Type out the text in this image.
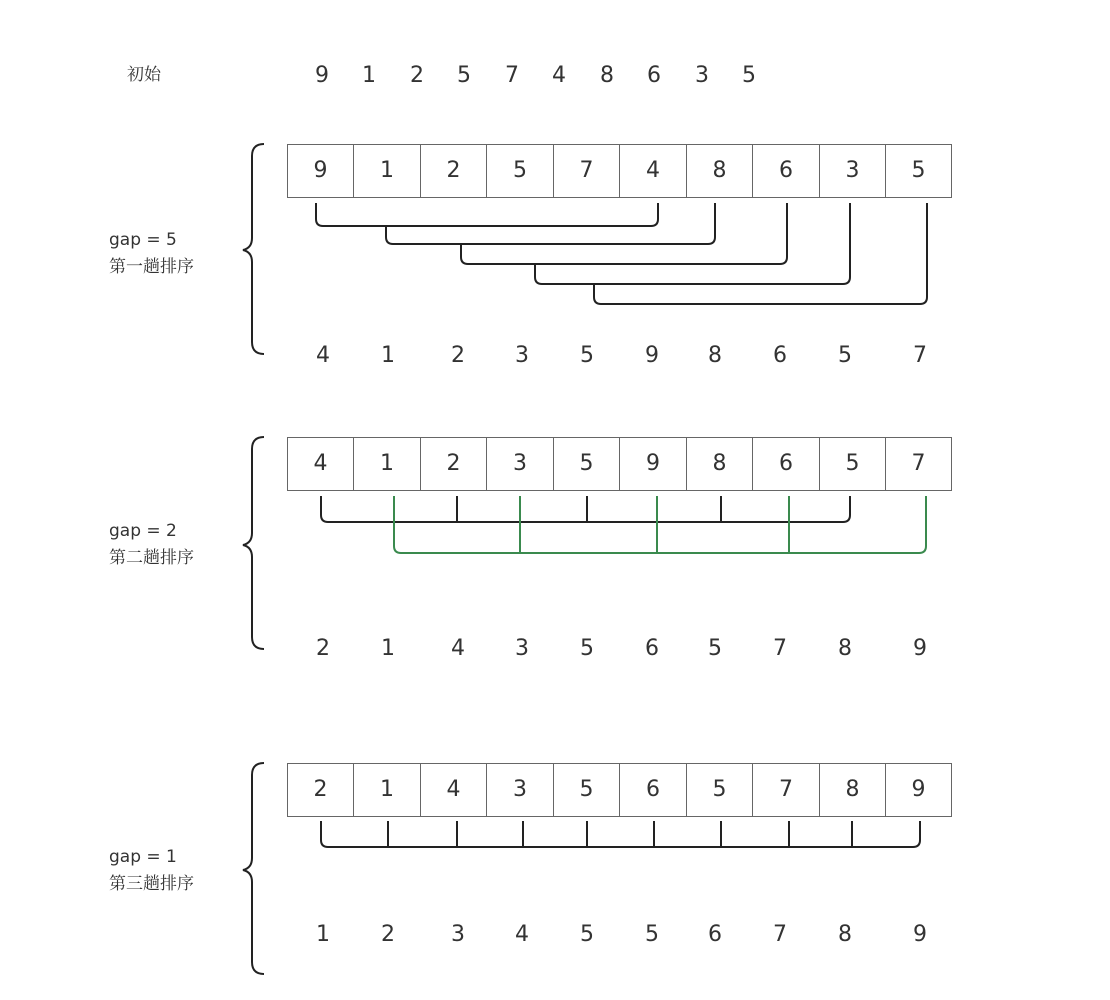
初始	9	1	2	5	7	4	8	6	3	5
gap = 5
第一趟排序
9	1	2	5	7	4	8	6	3	5
4	1	2	3	5	9	8	6	5	7
gap = 2
第二趟排序
4	1	2	3	5	9	8	6	5	7
2	1	4	3	5	6	5	7	8	9
gap = 1
第三趟排序
2	1	4	3	5	6	5	7	8	9
1	2	3	4	5	5	6	7	8	9
